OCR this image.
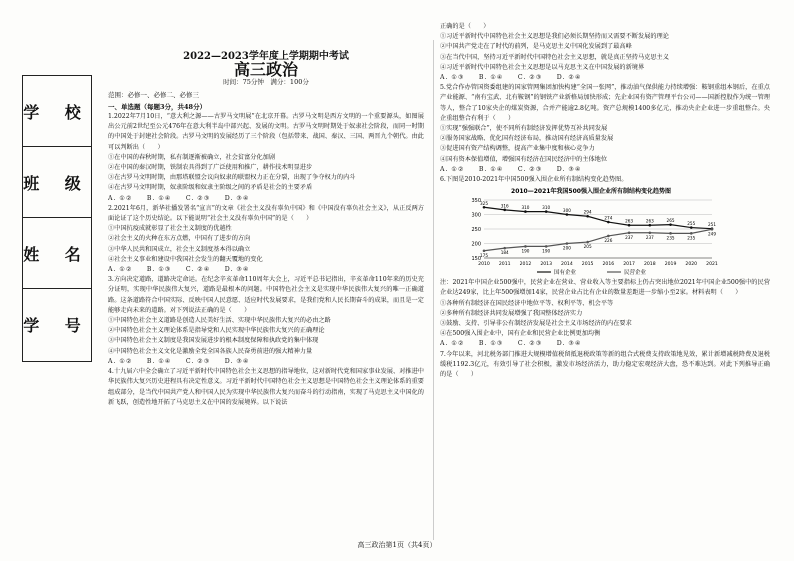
学 校
班 级
姓 名
学 号
2022—2023学年度上学期期中考试
高三政治
时间：75分钟　满分：100分
范围：必修一、必修二、必修三
一、单选题（每题3分，共48分）

1.2022年7月10日，“意大利之源——古罗马文明展”在北京开幕。古罗马文明是西方文明的一个重要源头，如图展出公元前2世纪至公元476年在意大利半岛中部兴起、发展的文明。古罗马文明时期处于奴隶社会阶段，而同一时期的中国处于封建社会阶段。古罗马文明的发展经历了三个阶段（包括带来、战国、秦汉、三国、两晋九个朝代。由此可以判断出（　　）

①在中国的春秋时期，私有制逐渐被确立，社会贫富分化加剧

②在中国的秦汉时期，铁制农具得到了广泛使用和推广，耕作技术明显进步

③在古罗马文明时期，由那塔联盟会议向奴隶的联盟权力正在分裂，出现了争夺权力的内斗

④在古罗马文明时期，奴隶阶级和奴隶主阶级之间的矛盾是社会的主要矛盾

A. ①②　　B. ①④　　C. ②③　　D. ③④

2.2021年6月，新华社播发署名“宣言”的文章《社会主义没有辜负中国》和《中国没有辜负社会主义》，从正反两方面论证了这个历史结论。以下能说明“社会主义没有辜负中国”的是（　　）

①中国抗疫成就彰显了社会主义制度的优越性

②社会主义的火种在东方点燃，中国有了进步的方向

③中华人民共和国成立，社会主义制度基本得以确立

④社会主义事业和建设中我国社会发生的翻天覆地的变化

A. ①②　　B. ①③　　C. ②④　　D. ③④

3.方向决定道路，道路决定命运。在纪念辛亥革命110周年大会上，习近平总书记指出，辛亥革命110年来的历史充分证明，实现中华民族伟大复兴，道路是最根本的问题。中国特色社会主义是实现中华民族伟大复兴的唯一正确道路。这条道路符合中国实际、反映中国人民意愿、适应时代发展要求，是我们党和人民长期奋斗的成果，而且是一定能够走向未来的道路。对下列说法正确的是（　　）

①中国特色社会主义道路是创造人民美好生活、实现中华民族伟大复兴的必由之路

②中国特色社会主义理论体系是指导党和人民实现中华民族伟大复兴的正确理论

③中国特色社会主义制度是我国发展进步的根本制度保障和执政党的集中体现

④中国特色社会主义文化是激励全党全国各族人民奋勇前进的强大精神力量

A. ①②　　B. ①④　　C. ②③　　D. ③④

4.十九届六中全会确立了习近平新时代中国特色社会主义思想的指导地位，这对新时代党和国家事业发展、对推进中华民族伟大复兴历史进程具有决定性意义。习近平新时代中国特色社会主义思想是中国特色社会主义理论体系的重要组成部分，是当代中国共产党人和中国人民为实现中华民族伟大复兴而奋斗的行动指南，实现了马克思主义中国化的新飞跃，创造性地开拓了马克思主义在中国的发展境界。以下说法

正确的是（　　）

①习近平新时代中国特色社会主义思想是我们必须长期坚持而又需要不断发展的理论

②中国共产党走在了时代的前列，是马克思主义中国化发展到了最高峰

③在当代中国，坚持习近平新时代中国特色社会主义思想，就是真正坚持马克思主义

④习近平新时代中国特色社会主义思想是以马克思主义在中国发展的新境界

A. ①③　　B. ①④　　C. ②③　　D. ②④

5.党合作办管国资委组建的国家管网集团加快构建“全国一张网”，推动油气保供能力持续增强：鞍钢重组本钢后，在重点产业能源、“南有宝武、北有鞍钢”的钢铁产业新格局加快形成；先企业国有资产管理平台公司——国新控股作为统一管理等人，整合了10家央企的煤炭资源，合并产能逾2.8亿吨。资产总规模1400多亿元，推动央企企业进一步重组整合。央企重组整合有利于（　　）

①实现“强强联合”，使不同所有制经济发挥优势互补共同发展

②服务国家战略、优化国有经济布局，推动国有经济高质量发展

③促进国有资产结构调整，提高产业集中度和核心竞争力

④国有资本保值增值，增强国有经济在国民经济中的主体地位

A. ①②　　B. ①④　　C. ②③　　D. ③④

6.下图是2010-2021年中国500强入围企业所有制结构变化趋势图。

2010—2021年我国500强入围企业所有制结构变化趋势图
150
200
250
300
350
2010 2011 2012 2013 2014 2015 2016 2017 2018 2019 2020 2021
325
316	310	310
300	294
274
263	263	265
255	251
175
184	190	190
200	205
226
237	237	235	235
249
国有企业	民营企业

注：2021年中国企业500强中，民营企业在营业、营业收入等主要指标上仍占突出地位2021年中国企业500强中的民营企业达249家，比上年500强增加14家，民营企业占比有企业的数量差距进一步缩小至2家。材料表明（　　）

①各种所有制经济在国民经济中地位平等、权利平等、机会平等

②多种所有制经济共同发展增强了我国整体经济实力

③鼓励、支持、引导非公有制经济发展是社会主义市场经济的内在要求

④在500强入围企业中，国有企业和民营企业比例更加均衡

A. ①②　　B. ①③　　C. ②③　　D. ③④

7.今年以来，河北税务部门推进大规模增值税留抵退税政策等新的组合式税费支持政策地见效，累计新增减税降费及退税缓税1192.3亿元，有效引导了社会积极，激发市场经济活力，助力稳定宏观经济大盘，恐不难达到。对此下列推导正确的是（　　）

高三政治第1页（共4页）
